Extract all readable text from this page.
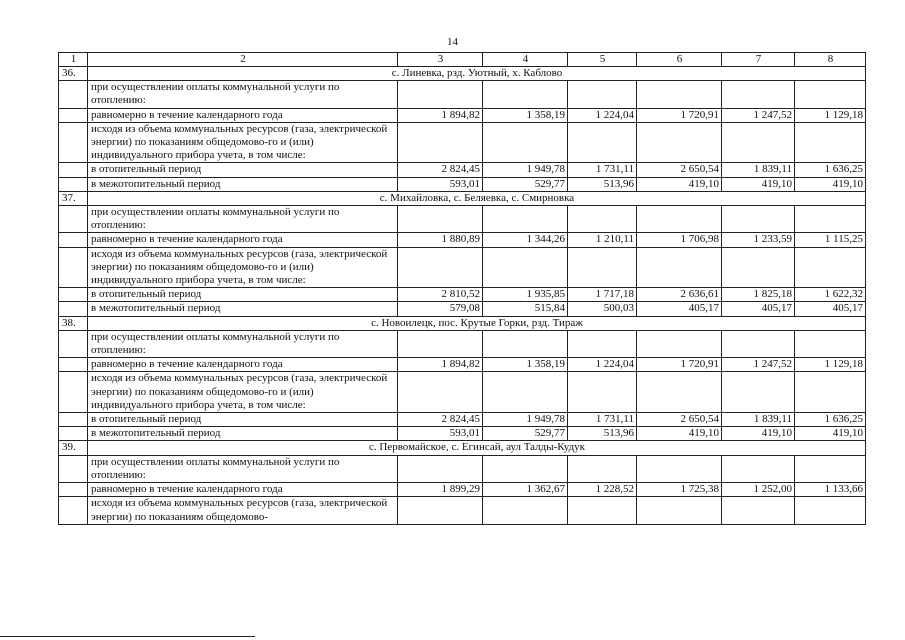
14
1	2	3	4	5	6	7	8
36.	с. Линевка, рзд. Уютный, х. Каблово						
	при осуществлении оплаты коммунальной услуги по отоплению:						
	равномерно в течение календарного года	1 894,82	1 358,19	1 224,04	1 720,91	1 247,52	1 129,18
	исходя из объема коммунальных ресурсов (газа, электрической энергии) по показаниям общедомово-го и (или) индивидуального прибора учета, в том числе:						
	в отопительный период	2 824,45	1 949,78	1 731,11	2 650,54	1 839,11	1 636,25
	в межотопительный период	593,01	529,77	513,96	419,10	419,10	419,10
37.	с. Михайловка, с. Беляевка, с. Смирновка						
	при осуществлении оплаты коммунальной услуги по отоплению:						
	равномерно в течение календарного года	1 880,89	1 344,26	1 210,11	1 706,98	1 233,59	1 115,25
	исходя из объема коммунальных ресурсов (газа, электрической энергии) по показаниям общедомово-го и (или) индивидуального прибора учета, в том числе:						
	в отопительный период	2 810,52	1 935,85	1 717,18	2 636,61	1 825,18	1 622,32
	в межотопительный период	579,08	515,84	500,03	405,17	405,17	405,17
38.	с. Новоилецк, пос. Крутые Горки, рзд. Тираж						
	при осуществлении оплаты коммунальной услуги по отоплению:						
	равномерно в течение календарного года	1 894,82	1 358,19	1 224,04	1 720,91	1 247,52	1 129,18
	исходя из объема коммунальных ресурсов (газа, электрической энергии) по показаниям общедомово-го и (или) индивидуального прибора учета, в том числе:						
	в отопительный период	2 824,45	1 949,78	1 731,11	2 650,54	1 839,11	1 636,25
	в межотопительный период	593,01	529,77	513,96	419,10	419,10	419,10
39.	с. Первомайское, с. Егинсай, аул Талды-Кудук						
	при осуществлении оплаты коммунальной услуги по отоплению:						
	равномерно в течение календарного года	1 899,29	1 362,67	1 228,52	1 725,38	1 252,00	1 133,66
	исходя из объема коммунальных ресурсов (газа, электрической энергии) по показаниям общедомово-						
